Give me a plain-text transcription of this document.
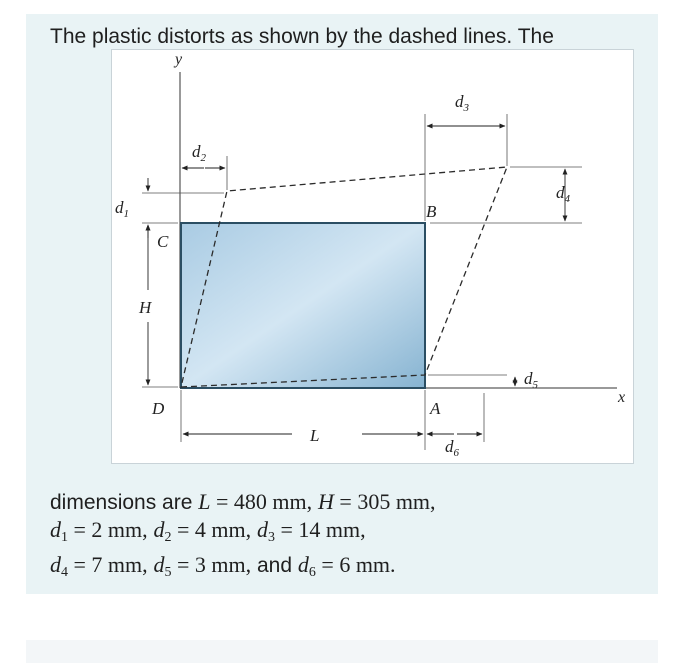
The plastic distorts as shown by the dashed lines. The
y
x
B
C
D	A
H
$d_1$
$d_2$
$d_3$
$d_4$
$d_5$
L
$d_6$
dimensions are L = 480 mm, H = 305 mm,
d1 = 2 mm, d2 = 4 mm, d3 = 14 mm,
d4 = 7 mm, d5 = 3 mm, and d6 = 6 mm.
